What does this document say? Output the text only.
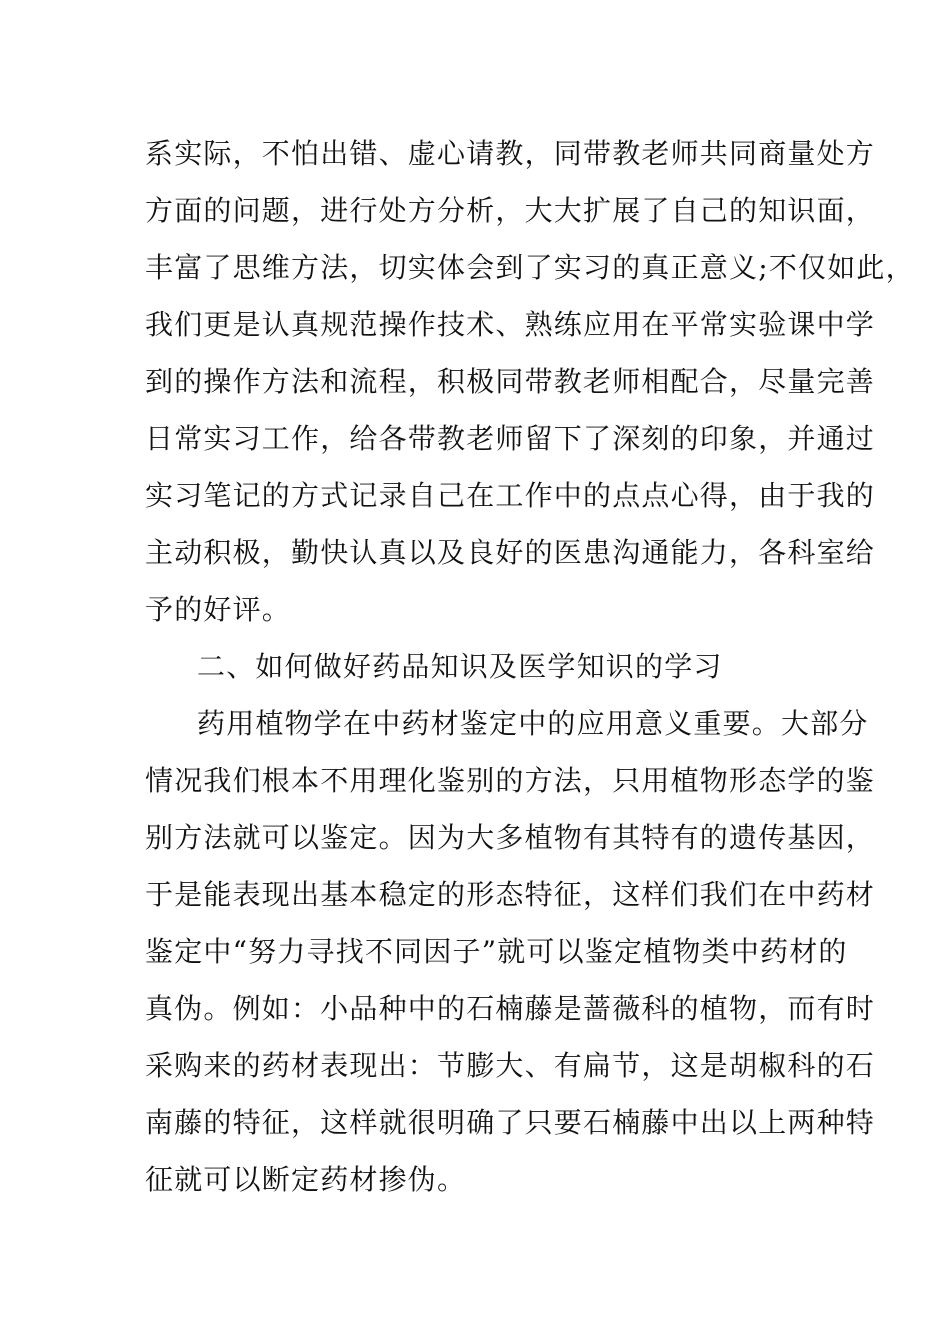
系实际，不怕出错、虚心请教，同带教老师共同商量处方
方面的问题，进行处方分析，大大扩展了自己的知识面，
丰富了思维方法，切实体会到了实习的真正意义;不仅如此，
我们更是认真规范操作技术、熟练应用在平常实验课中学
到的操作方法和流程，积极同带教老师相配合，尽量完善
日常实习工作，给各带教老师留下了深刻的印象，并通过
实习笔记的方式记录自己在工作中的点点心得，由于我的
主动积极，勤快认真以及良好的医患沟通能力，各科室给
予的好评。
二、如何做好药品知识及医学知识的学习
药用植物学在中药材鉴定中的应用意义重要。大部分
情况我们根本不用理化鉴别的方法，只用植物形态学的鉴
别方法就可以鉴定。因为大多植物有其特有的遗传基因，
于是能表现出基本稳定的形态特征，这样们我们在中药材
鉴定中“努力寻找不同因子”就可以鉴定植物类中药材的
真伪。例如：小品种中的石楠藤是蔷薇科的植物，而有时
采购来的药材表现出：节膨大、有扁节，这是胡椒科的石
南藤的特征，这样就很明确了只要石楠藤中出以上两种特
征就可以断定药材掺伪。
